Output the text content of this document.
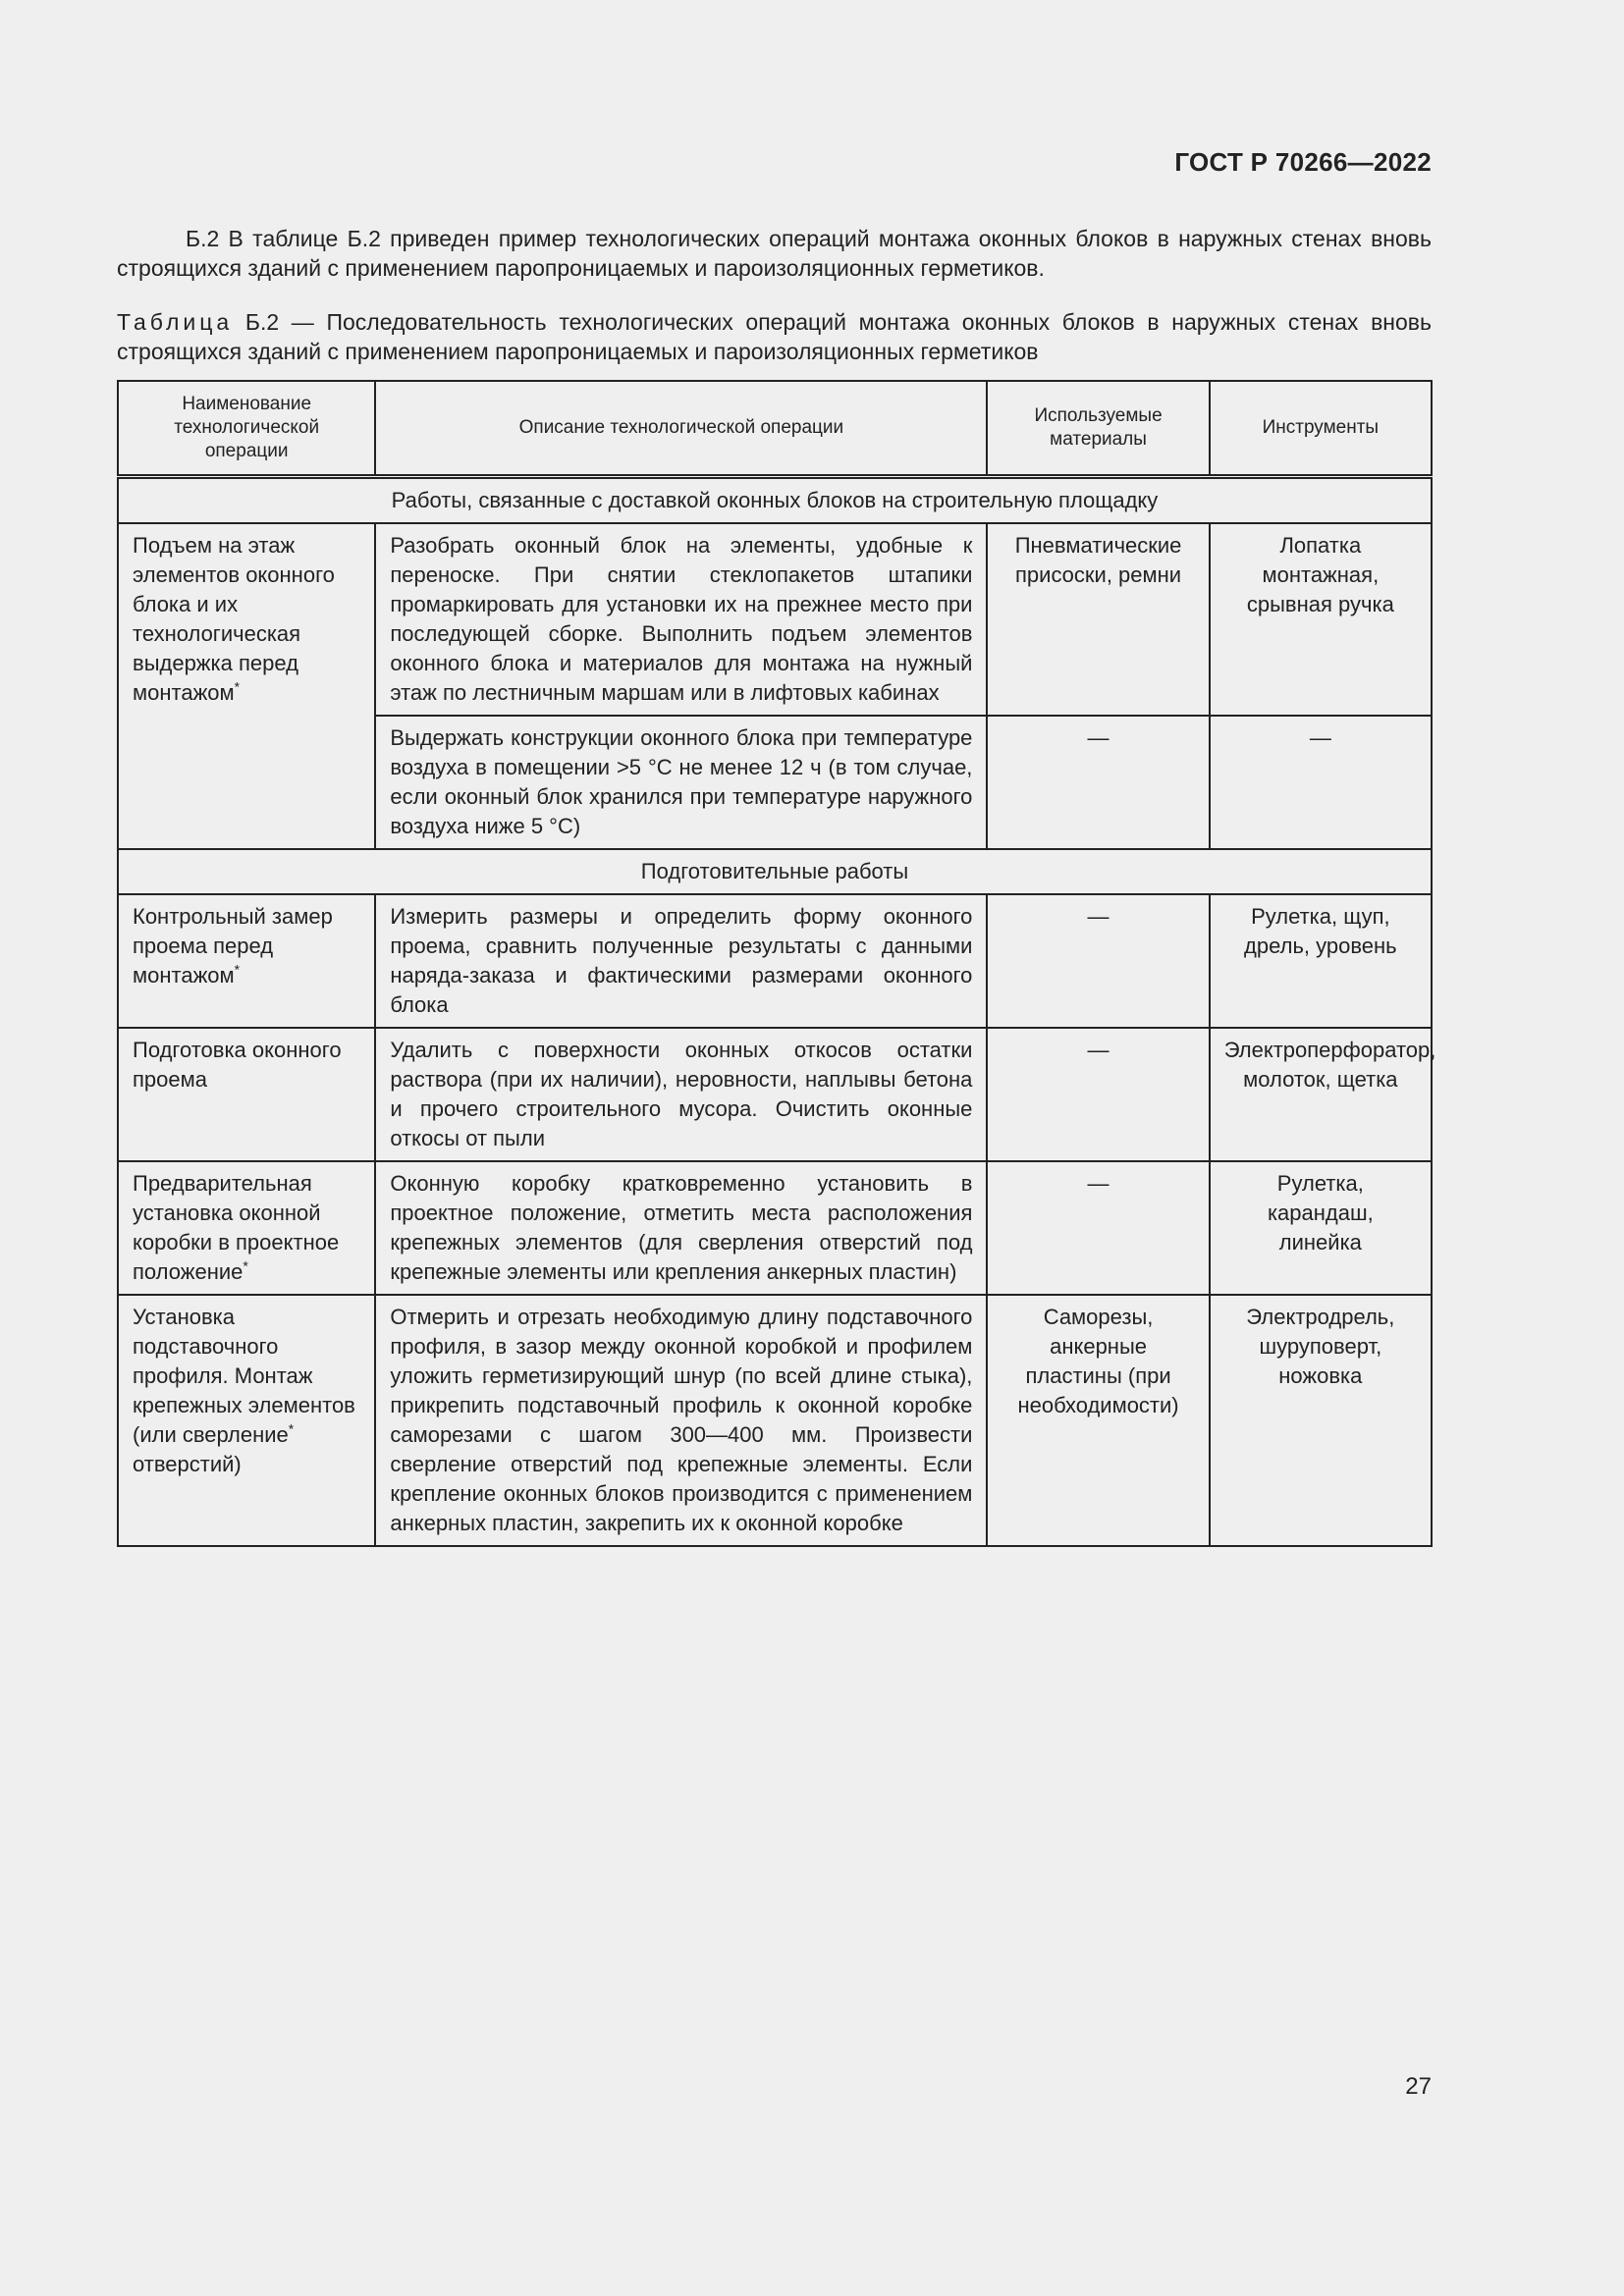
ГОСТ Р 70266—2022

Б.2 В таблице Б.2 приведен пример технологических операций монтажа оконных блоков в наружных стенах вновь строящихся зданий с применением паропроницаемых и пароизоляционных герметиков.

Таблица Б.2 — Последовательность технологических операций монтажа оконных блоков в наружных стенах вновь строящихся зданий с применением паропроницаемых и пароизоляционных герметиков

Наименование технологической операции	Описание технологической операции	Используемые материалы	Инструменты
Работы, связанные с доставкой оконных блоков на строительную площадку			
Подъем на этаж элементов оконного блока и их технологическая выдержка перед монтажом*	Разобрать оконный блок на элементы, удобные к переноске. При снятии стеклопакетов штапики промаркировать для установки их на прежнее место при последующей сборке. Выполнить подъем элементов оконного блока и материалов для монтажа на нужный этаж по лестничным маршам или в лифтовых кабинах	Пневматические присоски, ремни	Лопатка монтажная, срывная ручка
	Выдержать конструкции оконного блока при температуре воздуха в помещении >5 °С не менее 12 ч (в том случае, если оконный блок хранился при температуре наружного воздуха ниже 5 °С)	—	—
Подготовительные работы			
Контрольный замер проема перед монтажом*	Измерить размеры и определить форму оконного проема, сравнить полученные результаты с данными наряда-заказа и фактическими размерами оконного блока	—	Рулетка, щуп, дрель, уровень
Подготовка оконного проема	Удалить с поверхности оконных откосов остатки раствора (при их наличии), неровности, наплывы бетона и прочего строительного мусора. Очистить оконные откосы от пыли	—	Электроперфоратор, молоток, щетка
Предварительная установка оконной коробки в проектное положение*	Оконную коробку кратковременно установить в проектное положение, отметить места расположения крепежных элементов (для сверления отверстий под крепежные элементы или крепления анкерных пластин)	—	Рулетка, карандаш, линейка
Установка подставочного профиля. Монтаж крепежных элементов (или сверление* отверстий)	Отмерить и отрезать необходимую длину подставочного профиля, в зазор между оконной коробкой и профилем уложить герметизирующий шнур (по всей длине стыка), прикрепить подставочный профиль к оконной коробке саморезами с шагом 300—400 мм. Произвести сверление отверстий под крепежные элементы. Если крепление оконных блоков производится с применением анкерных пластин, закрепить их к оконной коробке	Саморезы, анкерные пластины (при необходимости)	Электродрель, шуруповерт, ножовка
27
